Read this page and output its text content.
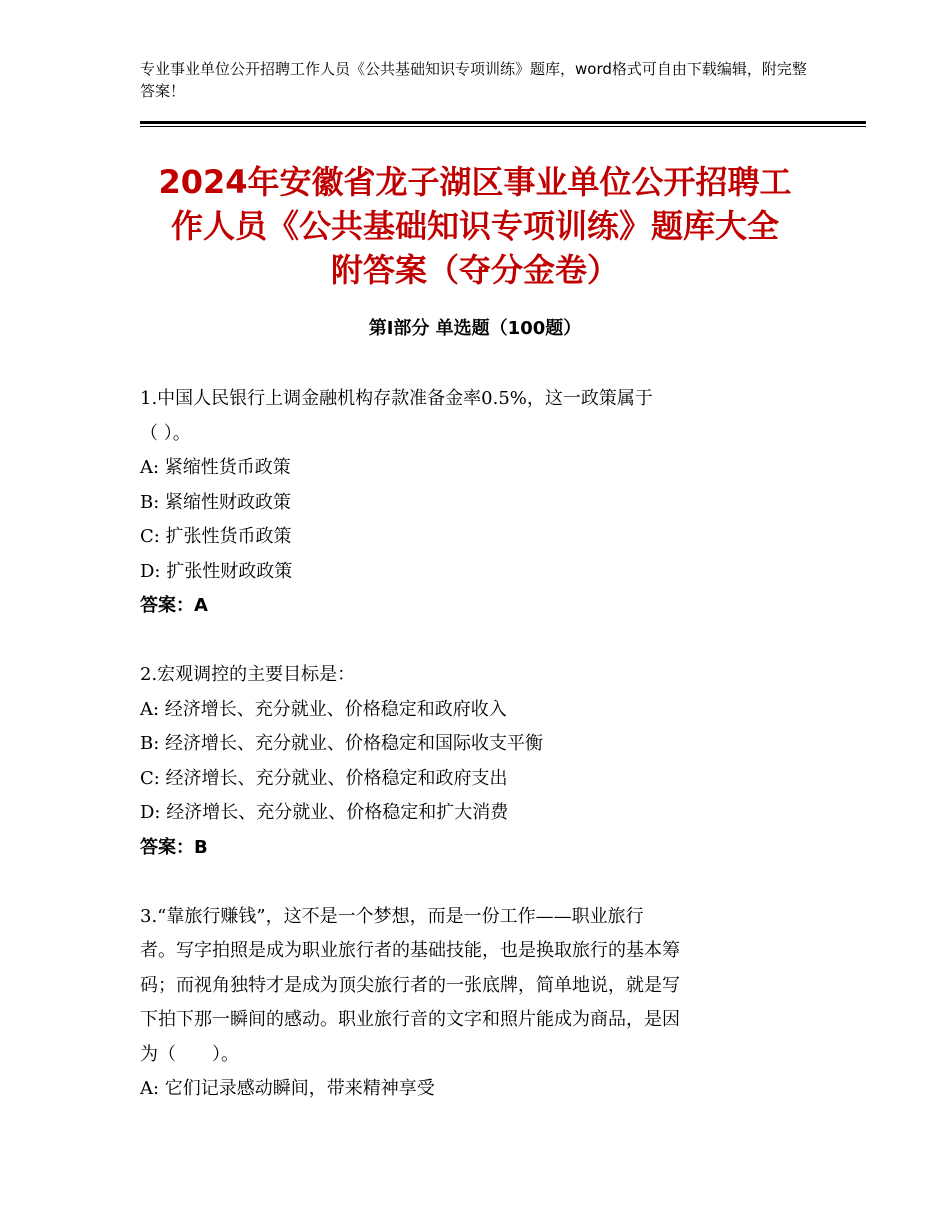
专业事业单位公开招聘工作人员《公共基础知识专项训练》题库，word格式可自由下载编辑，附完整答案！
2024年安徽省龙子湖区事业单位公开招聘工
作人员《公共基础知识专项训练》题库大全
附答案（夺分金卷）
第Ⅰ部分 单选题（100题）
1.中国人民银行上调金融机构存款准备金率0.5%，这一政策属于
（ ）。
A: 紧缩性货币政策
B: 紧缩性财政政策
C: 扩张性货币政策
D: 扩张性财政政策
答案：A
2.宏观调控的主要目标是：
A: 经济增长、充分就业、价格稳定和政府收入
B: 经济增长、充分就业、价格稳定和国际收支平衡
C: 经济增长、充分就业、价格稳定和政府支出
D: 经济增长、充分就业、价格稳定和扩大消费
答案：B
3.“靠旅行赚钱”，这不是一个梦想，而是一份工作——职业旅行
者。写字拍照是成为职业旅行者的基础技能，也是换取旅行的基本筹
码；而视角独特才是成为顶尖旅行者的一张底牌，简单地说，就是写
下拍下那一瞬间的感动。职业旅行音的文字和照片能成为商品，是因
为（　　）。
A: 它们记录感动瞬间，带来精神享受
